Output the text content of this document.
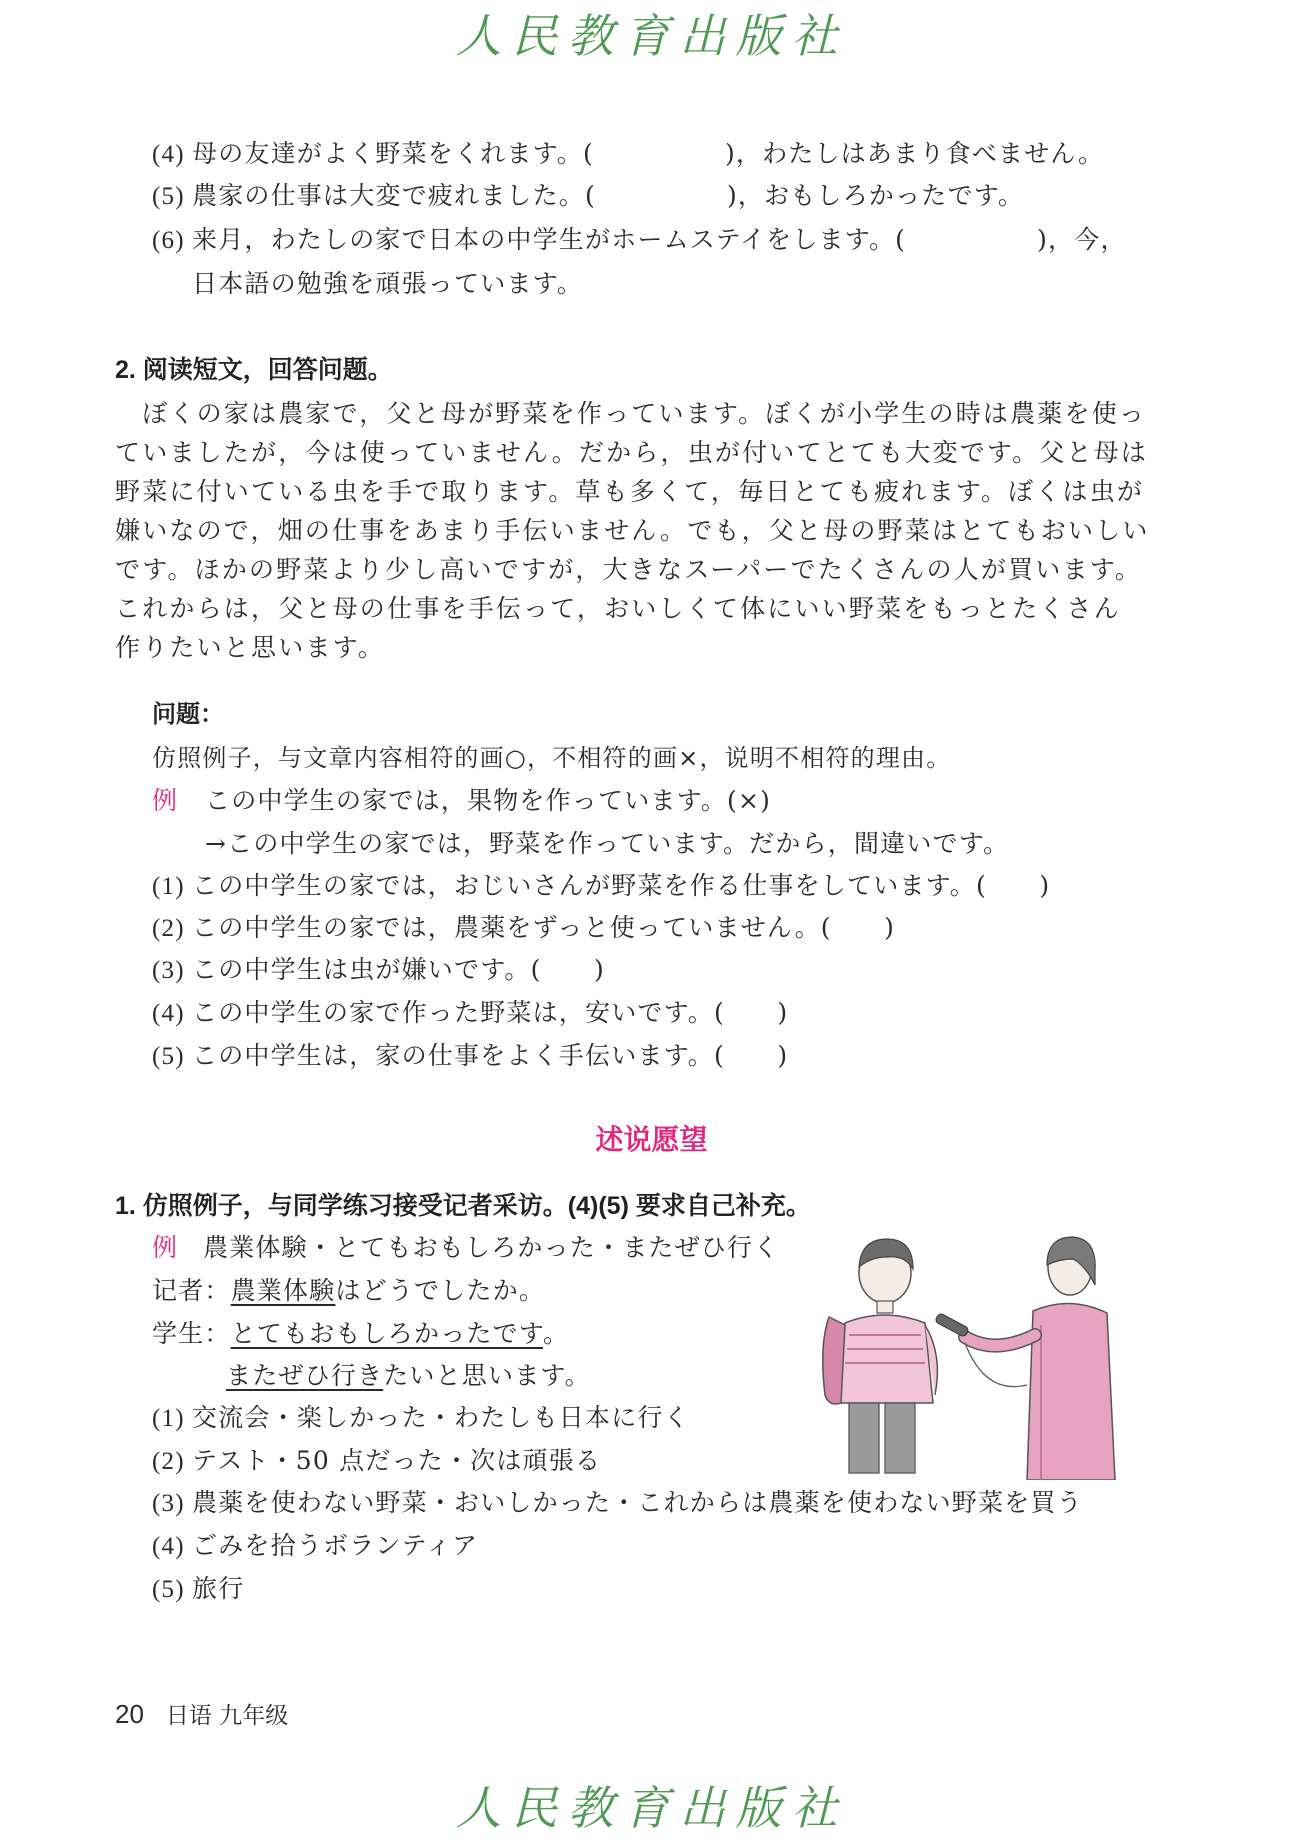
人民教育出版社
(4) 母の友達がよく野菜をくれます。(　　　　　)，わたしはあまり食べません。
(5) 農家の仕事は大変で疲れました。(　　　　　)，おもしろかったです。
(6) 来月，わたしの家で日本の中学生がホームステイをします。(　　　　　)，今，
日本語の勉強を頑張っています。
2. 阅读短文，回答问题。
　ぼくの家は農家で，父と母が野菜を作っています。ぼくが小学生の時は農薬を使っ
ていましたが，今は使っていません。だから，虫が付いてとても大変です。父と母は
野菜に付いている虫を手で取ります。草も多くて，毎日とても疲れます。ぼくは虫が
嫌いなので，畑の仕事をあまり手伝いません。でも，父と母の野菜はとてもおいしい
です。ほかの野菜より少し高いですが，大きなスーパーでたくさんの人が買います。
これからは，父と母の仕事を手伝って，おいしくて体にいい野菜をもっとたくさん
作りたいと思います。
问题：
仿照例子，与文章内容相符的画○，不相符的画×，说明不相符的理由。
例 この中学生の家では，果物を作っています。(×)
→この中学生の家では，野菜を作っています。だから，間違いです。
(1) この中学生の家では，おじいさんが野菜を作る仕事をしています。(　　)
(2) この中学生の家では，農薬をずっと使っていません。(　　)
(3) この中学生は虫が嫌いです。(　　)
(4) この中学生の家で作った野菜は，安いです。(　　)
(5) この中学生は，家の仕事をよく手伝います。(　　)
述说愿望
1. 仿照例子，与同学练习接受记者采访。(4)(5) 要求自己补充。
例 農業体験・とてもおもしろかった・またぜひ行く
记者：農業体験はどうでしたか。
学生：とてもおもしろかったです。
またぜひ行きたいと思います。
(1) 交流会・楽しかった・わたしも日本に行く
(2) テスト・50 点だった・次は頑張る
(3) 農薬を使わない野菜・おいしかった・これからは農薬を使わない野菜を買う
(4) ごみを拾うボランティア
(5) 旅行
20 日语 九年级
人民教育出版社
